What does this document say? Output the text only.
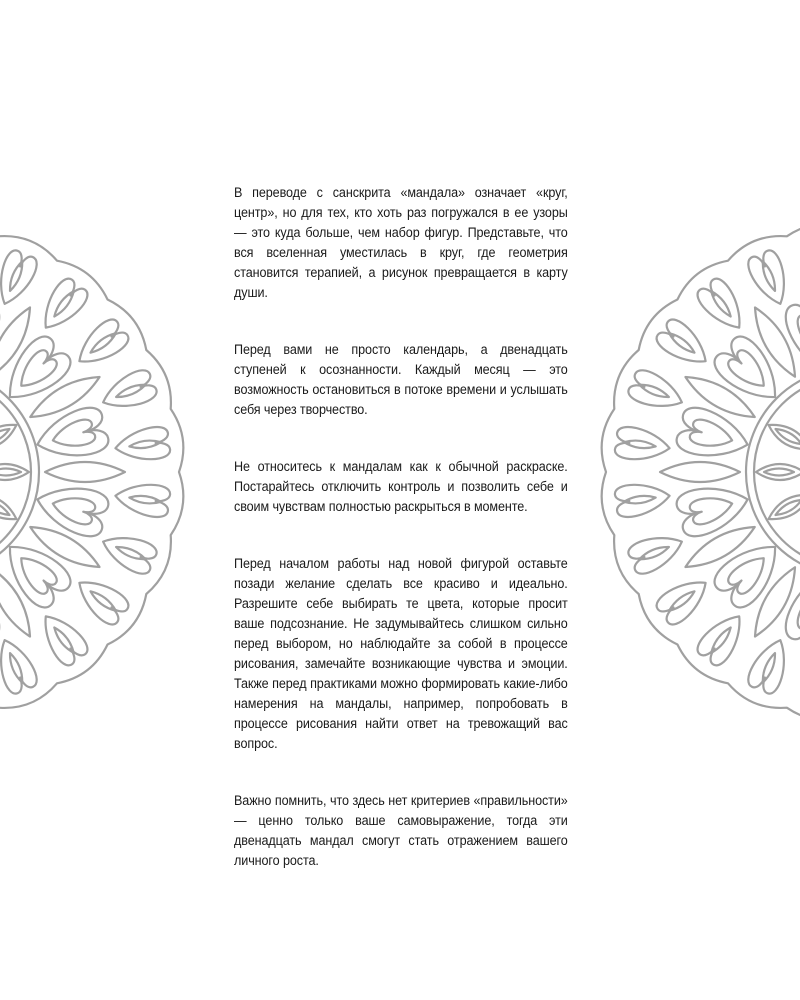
В переводе с санскрита «мандала» означает «круг, центр», но для тех, кто хоть раз погружался в ее узоры — это куда больше, чем набор фигур. Представьте, что вся вселенная уместилась в круг, где геометрия становится терапией, а рисунок превращается в карту души.

Перед вами не просто календарь, а двенадцать ступеней к осознанности. Каждый месяц — это возможность остановиться в потоке времени и услышать себя через творчество.

Не относитесь к мандалам как к обычной раскраске. Постарайтесь отключить контроль и позволить себе и своим чувствам полностью раскрыться в моменте.

Перед началом работы над новой фигурой оставьте позади желание сделать все красиво и идеально. Разрешите себе выбирать те цвета, которые просит ваше подсознание. Не задумывайтесь слишком сильно перед выбором, но наблюдайте за собой в процессе рисования, замечайте возникающие чувства и эмоции. Также перед практиками можно формировать какие-либо намерения на мандалы, например, попробовать в процессе рисования найти ответ на тревожащий вас вопрос.

Важно помнить, что здесь нет критериев «правильности» — ценно только ваше самовыражение, тогда эти двенадцать мандал смогут стать отражением вашего личного роста.
